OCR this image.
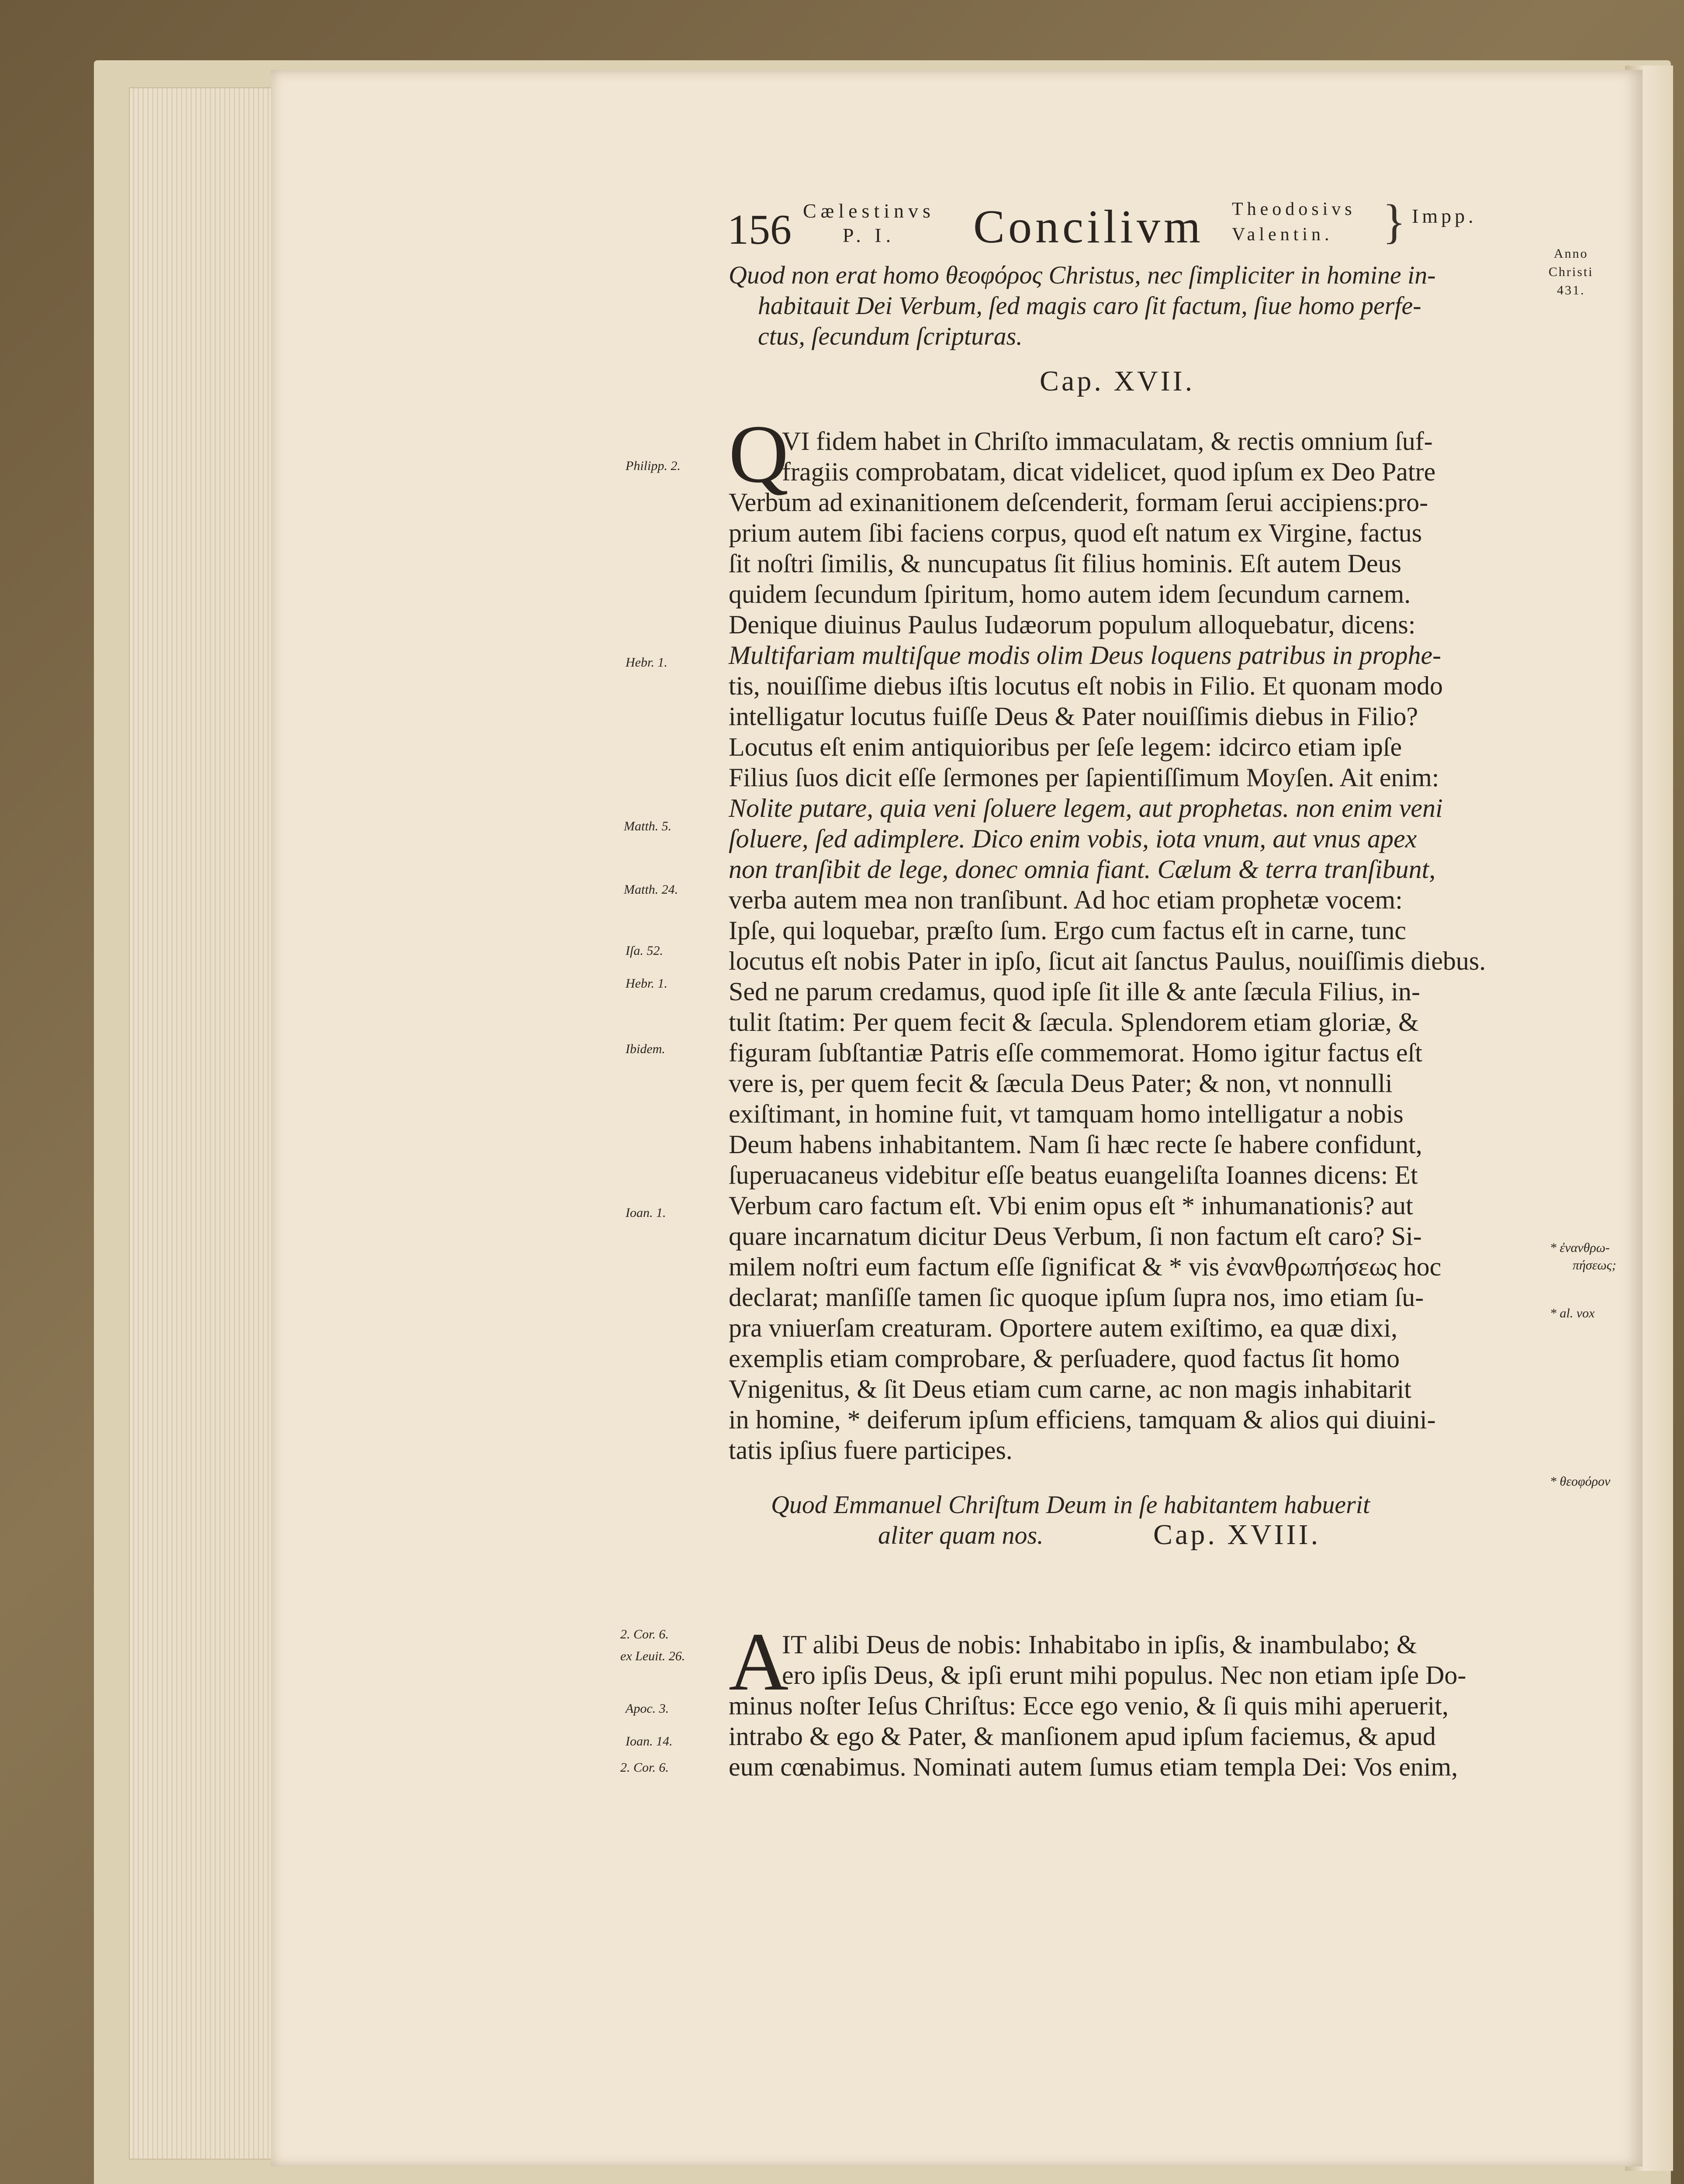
156 Cælestinvs
P. I.	Concilivm Theodosivs
Valentin.	} Impp.
Anno
Christi
431.
Quod non erat homo θεοφόρος Christus, nec ſimpliciter in homine in-
habitauit Dei Verbum, ſed magis caro ſit factum, ſiue homo perfe-
ctus, ſecundum ſcripturas.
Cap. XVII.
Q
VI fidem habet in Chriſto immaculatam, & rectis omnium ſuf-
fragiis comprobatam, dicat videlicet, quod ipſum ex Deo Patre
Verbum ad exinanitionem deſcenderit, formam ſerui accipiens:pro-
prium autem ſibi faciens corpus, quod eſt natum ex Virgine, factus
ſit noſtri ſimilis, & nuncupatus ſit filius hominis. Eſt autem Deus
quidem ſecundum ſpiritum, homo autem idem ſecundum carnem.
Denique diuinus Paulus Iudæorum populum alloquebatur, dicens:
Multifariam multiſque modis olim Deus loquens patribus in prophe-
tis, nouiſſime diebus iſtis locutus eſt nobis in Filio. Et quonam modo
intelligatur locutus fuiſſe Deus & Pater nouiſſimis diebus in Filio?
Locutus eſt enim antiquioribus per ſeſe legem: idcirco etiam ipſe
Filius ſuos dicit eſſe ſermones per ſapientiſſimum Moyſen. Ait enim:
Nolite putare, quia veni ſoluere legem, aut prophetas. non enim veni
ſoluere, ſed adimplere. Dico enim vobis, iota vnum, aut vnus apex
non tranſibit de lege, donec omnia fiant. Cælum & terra tranſibunt,
verba autem mea non tranſibunt. Ad hoc etiam prophetæ vocem:
Ipſe, qui loquebar, præſto ſum. Ergo cum factus eſt in carne, tunc
locutus eſt nobis Pater in ipſo, ſicut ait ſanctus Paulus, nouiſſimis diebus.
Sed ne parum credamus, quod ipſe ſit ille & ante ſæcula Filius, in-
tulit ſtatim: Per quem fecit & ſæcula. Splendorem etiam gloriæ, &
figuram ſubſtantiæ Patris eſſe commemorat. Homo igitur factus eſt
vere is, per quem fecit & ſæcula Deus Pater; & non, vt nonnulli
exiſtimant, in homine fuit, vt tamquam homo intelligatur a nobis
Deum habens inhabitantem. Nam ſi hæc recte ſe habere confidunt,
ſuperuacaneus videbitur eſſe beatus euangeliſta Ioannes dicens: Et
Verbum caro factum eſt. Vbi enim opus eſt * inhumanationis? aut
quare incarnatum dicitur Deus Verbum, ſi non factum eſt caro? Si-
milem noſtri eum factum eſſe ſignificat & * vis ἐνανθρωπήσεως hoc
declarat; manſiſſe tamen ſic quoque ipſum ſupra nos, imo etiam ſu-
pra vniuerſam creaturam. Oportere autem exiſtimo, ea quæ dixi,
exemplis etiam comprobare, & perſuadere, quod factus ſit homo
Vnigenitus, & ſit Deus etiam cum carne, ac non magis inhabitarit
in homine, * deiferum ipſum efficiens, tamquam & alios qui diuini-
tatis ipſius fuere participes.
Quod Emmanuel Chriſtum Deum in ſe habitantem habuerit
aliter quam nos.	Cap. XVIII.
A
IT alibi Deus de nobis: Inhabitabo in ipſis, & inambulabo; &
ero ipſis Deus, & ipſi erunt mihi populus. Nec non etiam ipſe Do-
minus noſter Ieſus Chriſtus: Ecce ego venio, & ſi quis mihi aperuerit,
intrabo & ego & Pater, & manſionem apud ipſum faciemus, & apud
eum cœnabimus. Nominati autem ſumus etiam templa Dei: Vos enim,
Philipp. 2.
Hebr. 1.
Matth. 5.
Matth. 24.
Iſa. 52.
Hebr. 1.
Ibidem.
Ioan. 1.
2. Cor. 6.
ex Leuit. 26.
Apoc. 3.
Ioan. 14.
2. Cor. 6.
* ἐνανθρω-
πήσεως;
* al. vox
* θεοφόρον
